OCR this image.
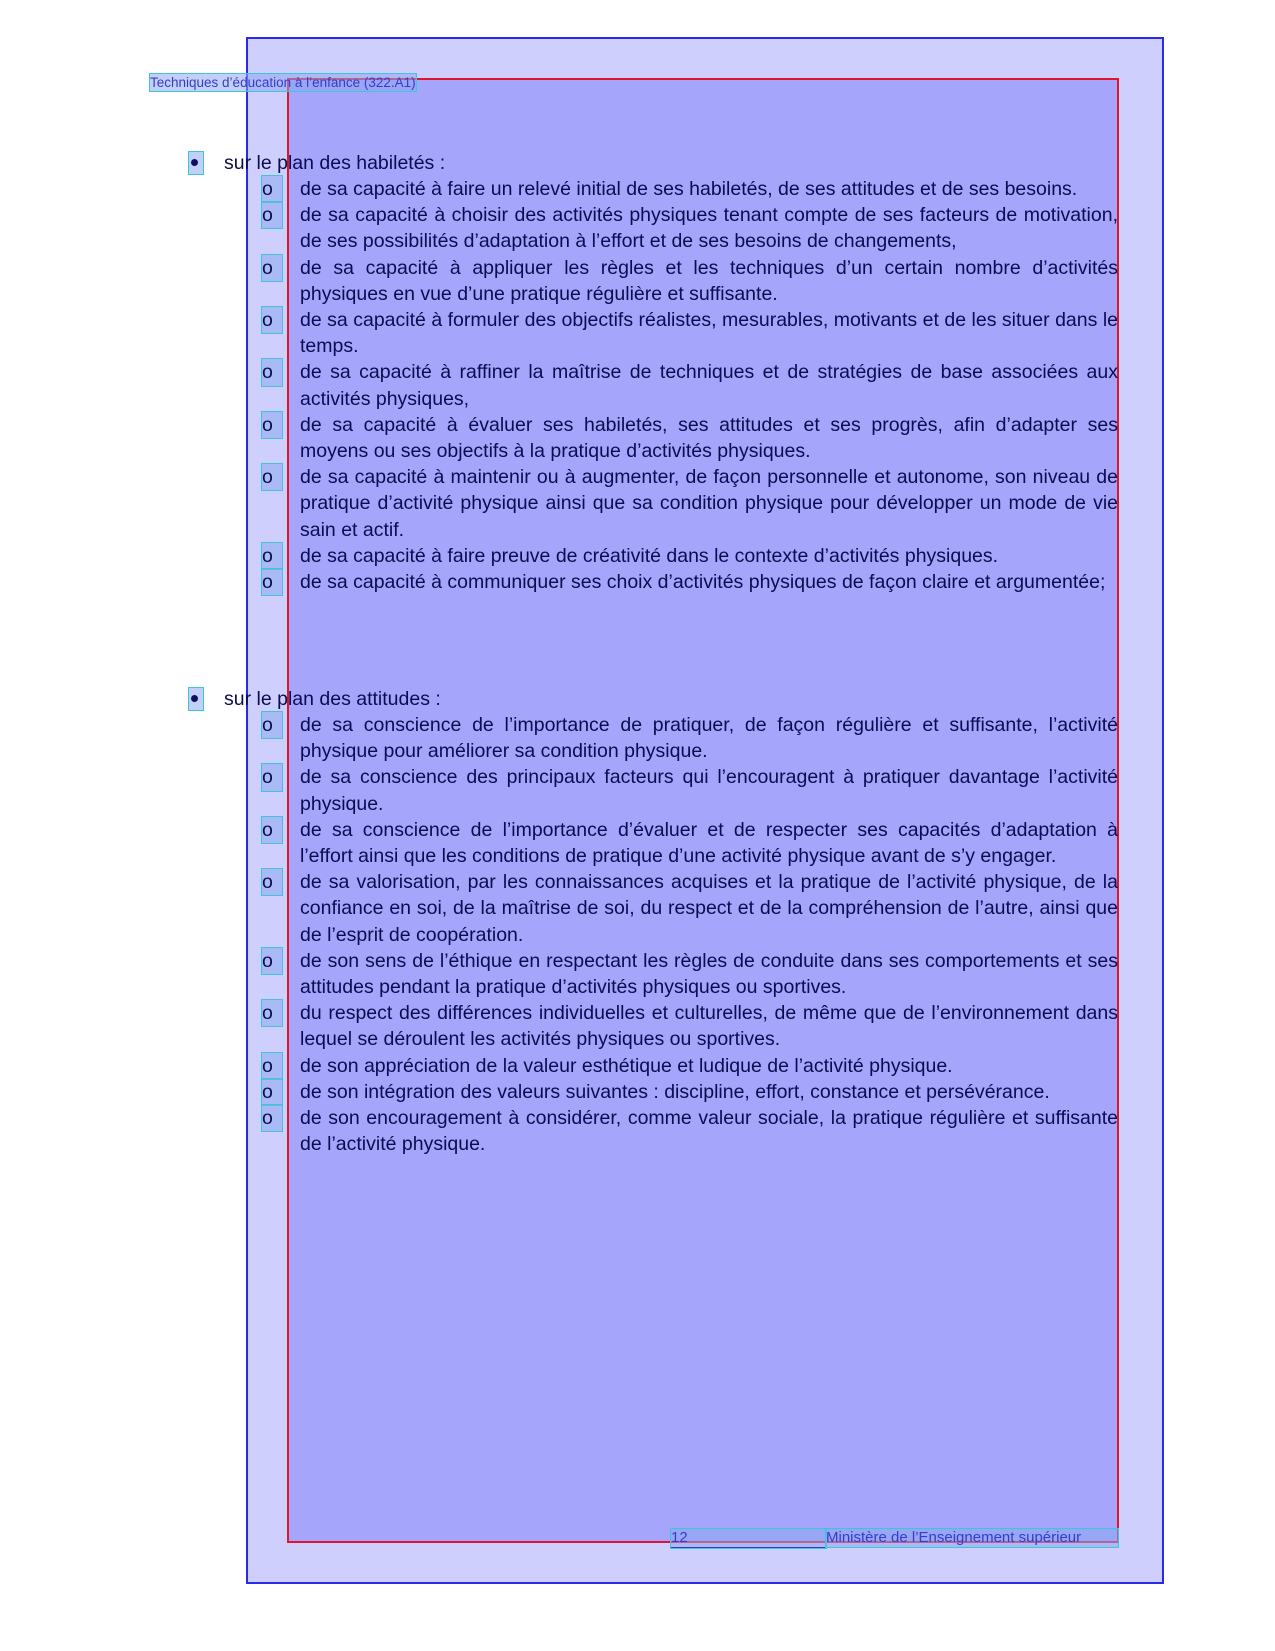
Techniques d’éducation à l’enfance (322.A1)
sur le plan des habiletés :
o	de sa capacité à faire un relevé initial de ses habiletés, de ses attitudes et de ses besoins.
o	de sa capacité à choisir des activités physiques tenant compte de ses facteurs de motivation, de ses possibilités d’adaptation à l’effort et de ses besoins de changements,
o	de sa capacité à appliquer les règles et les techniques d’un certain nombre d’activités physiques en vue d’une pratique régulière et suffisante.
o	de sa capacité à formuler des objectifs réalistes, mesurables, motivants et de les situer dans le temps.
o	de sa capacité à raffiner la maîtrise de techniques et de stratégies de base associées aux activités physiques,
o	de sa capacité à évaluer ses habiletés, ses attitudes et ses progrès, afin d’adapter ses moyens ou ses objectifs à la pratique d’activités physiques.
o	de sa capacité à maintenir ou à augmenter, de façon personnelle et autonome, son niveau de pratique d’activité physique ainsi que sa condition physique pour développer un mode de vie sain et actif.
o	de sa capacité à faire preuve de créativité dans le contexte d’activités physiques.
o	de sa capacité à communiquer ses choix d’activités physiques de façon claire et argumentée;
sur le plan des attitudes :
o	de sa conscience de l’importance de pratiquer, de façon régulière et suffisante, l’activité physique pour améliorer sa condition physique.
o	de sa conscience des principaux facteurs qui l’encouragent à pratiquer davantage l’activité physique.
o	de sa conscience de l’importance d’évaluer et de respecter ses capacités d’adaptation à l’effort ainsi que les conditions de pratique d’une activité physique avant de s’y engager.
o	de sa valorisation, par les connaissances acquises et la pratique de l’activité physique, de la confiance en soi, de la maîtrise de soi, du respect et de la compréhension de l’autre, ainsi que de l’esprit de coopération.
o	de son sens de l’éthique en respectant les règles de conduite dans ses comportements et ses attitudes pendant la pratique d’activités physiques ou sportives.
o	du respect des différences individuelles et culturelles, de même que de l’environnement dans lequel se déroulent les activités physiques ou sportives.
o	de son appréciation de la valeur esthétique et ludique de l’activité physique.
o	de son intégration des valeurs suivantes : discipline, effort, constance et persévérance.
o	de son encouragement à considérer, comme valeur sociale, la pratique régulière et suffisante de l’activité physique.
12	Ministère de l’Enseignement supérieur
